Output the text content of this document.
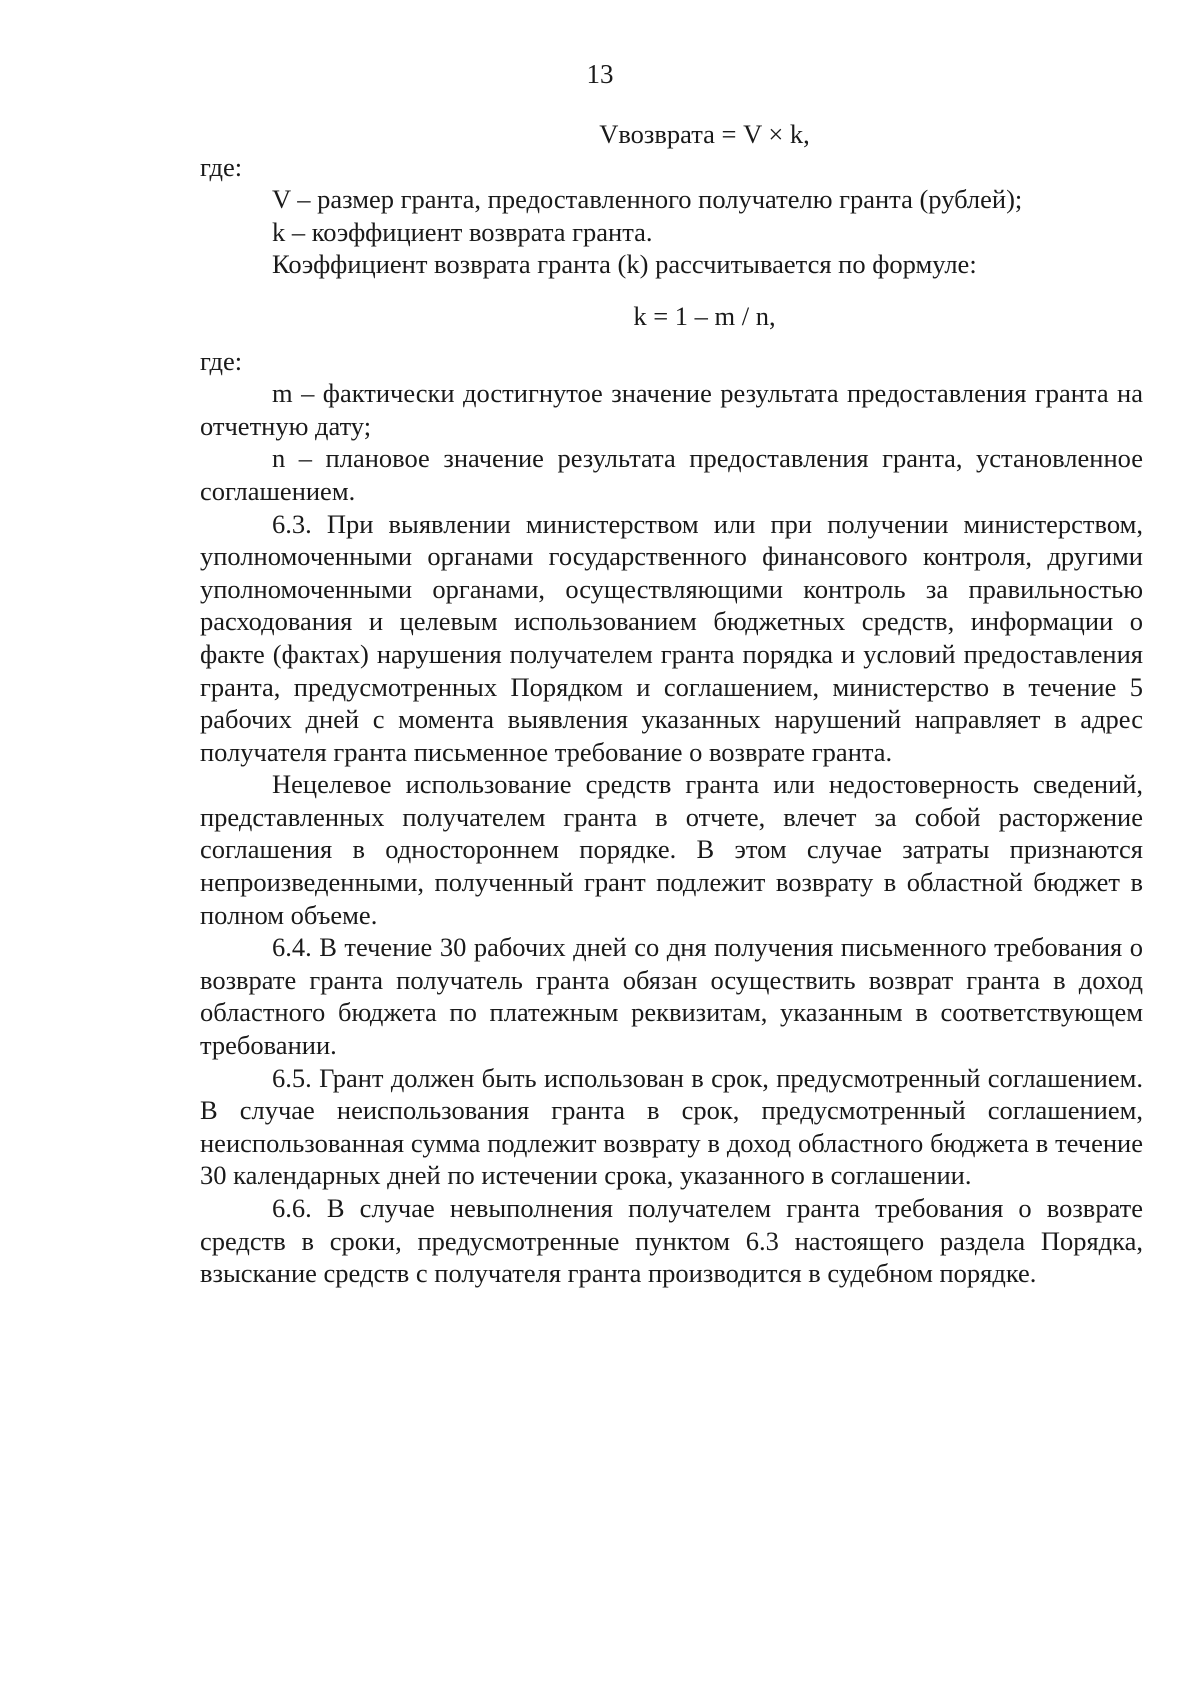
13
Vвозврата = V × k,
где:
V – размер гранта, предоставленного получателю гранта (рублей);
k – коэффициент возврата гранта.
Коэффициент возврата гранта (k) рассчитывается по формуле:
k = 1 – m / n,
где:

m – фактически достигнутое значение результата предоставления гранта на отчетную дату;

n – плановое значение результата предоставления гранта, установленное соглашением.

6.3. При выявлении министерством или при получении министерством, уполномоченными органами государственного финансового контроля, другими уполномоченными органами, осуществляющими контроль за правильностью расходования и целевым использованием бюджетных средств, информации о факте (фактах) нарушения получателем гранта порядка и условий предоставления гранта, предусмотренных Порядком и соглашением, министерство в течение 5 рабочих дней с момента выявления указанных нарушений направляет в адрес получателя гранта письменное требование о возврате гранта.

Нецелевое использование средств гранта или недостоверность сведений, представленных получателем гранта в отчете, влечет за собой расторжение соглашения в одностороннем порядке. В этом случае затраты признаются непроизведенными, полученный грант подлежит возврату в областной бюджет в полном объеме.

6.4. В течение 30 рабочих дней со дня получения письменного требования о возврате гранта получатель гранта обязан осуществить возврат гранта в доход областного бюджета по платежным реквизитам, указанным в соответствующем требовании.

6.5. Грант должен быть использован в срок, предусмотренный соглашением. В случае неиспользования гранта в срок, предусмотренный соглашением, неиспользованная сумма подлежит возврату в доход областного бюджета в течение 30 календарных дней по истечении срока, указанного в соглашении.

6.6. В случае невыполнения получателем гранта требования о возврате средств в сроки, предусмотренные пунктом 6.3 настоящего раздела Порядка, взыскание средств с получателя гранта производится в судебном порядке.
